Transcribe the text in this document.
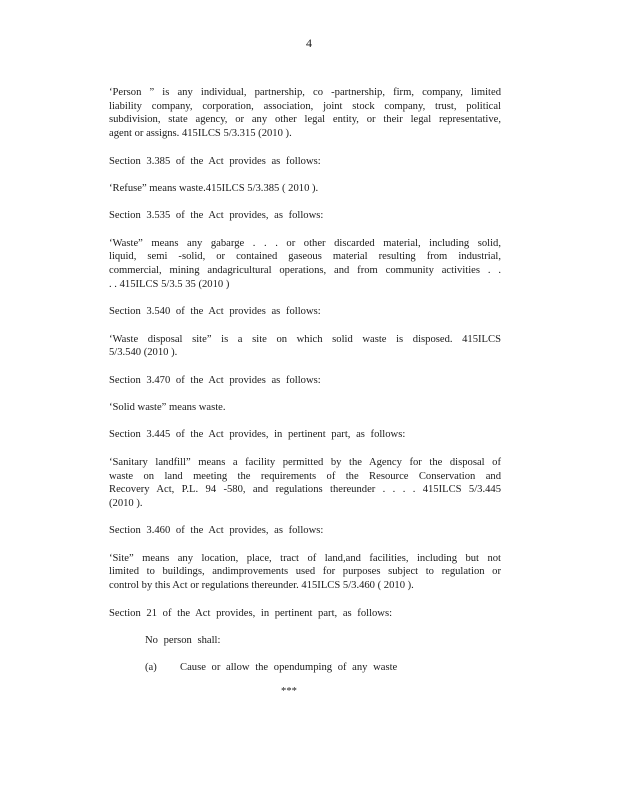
4
‘Person ” is any individual, partnership, co -partnership, firm, company, limited
liability company, corporation, association, joint stock company, trust, political
subdivision, state agency, or any other legal entity, or their legal representative,
agent or assigns. 415ILCS 5/3.315 (2010 ).
Section 3.385 of the Act provides as follows:
‘Refuse” means waste.415ILCS 5/3.385 ( 2010 ).
Section 3.535 of the Act provides, as follows:
‘Waste” means any gabarge . . . or other discarded material, including solid,
liquid, semi -solid, or contained gaseous material resulting from industrial,
commercial, mining andagricultural operations, and from community activities . .
. . 415ILCS 5/3.5 35 (2010 )
Section 3.540 of the Act provides as follows:
‘Waste disposal site” is a site on which solid waste is disposed. 415ILCS
5/3.540 (2010 ).
Section 3.470 of the Act provides as follows:
‘Solid waste” means waste.
Section 3.445 of the Act provides, in pertinent part, as follows:
‘Sanitary landfill” means a facility permitted by the Agency for the disposal of
waste on land meeting the requirements of the Resource Conservation and
Recovery Act, P.L. 94 -580, and regulations thereunder . . . . 415ILCS 5/3.445
(2010 ).
Section 3.460 of the Act provides, as follows:
‘Site” means any location, place, tract of land,and facilities, including but not
limited to buildings, andimprovements used for purposes subject to regulation or
control by this Act or regulations thereunder. 415ILCS 5/3.460 ( 2010 ).
Section 21 of the Act provides, in pertinent part, as follows:
No person shall:
(a)	Cause or allow the opendumping of any waste
***
